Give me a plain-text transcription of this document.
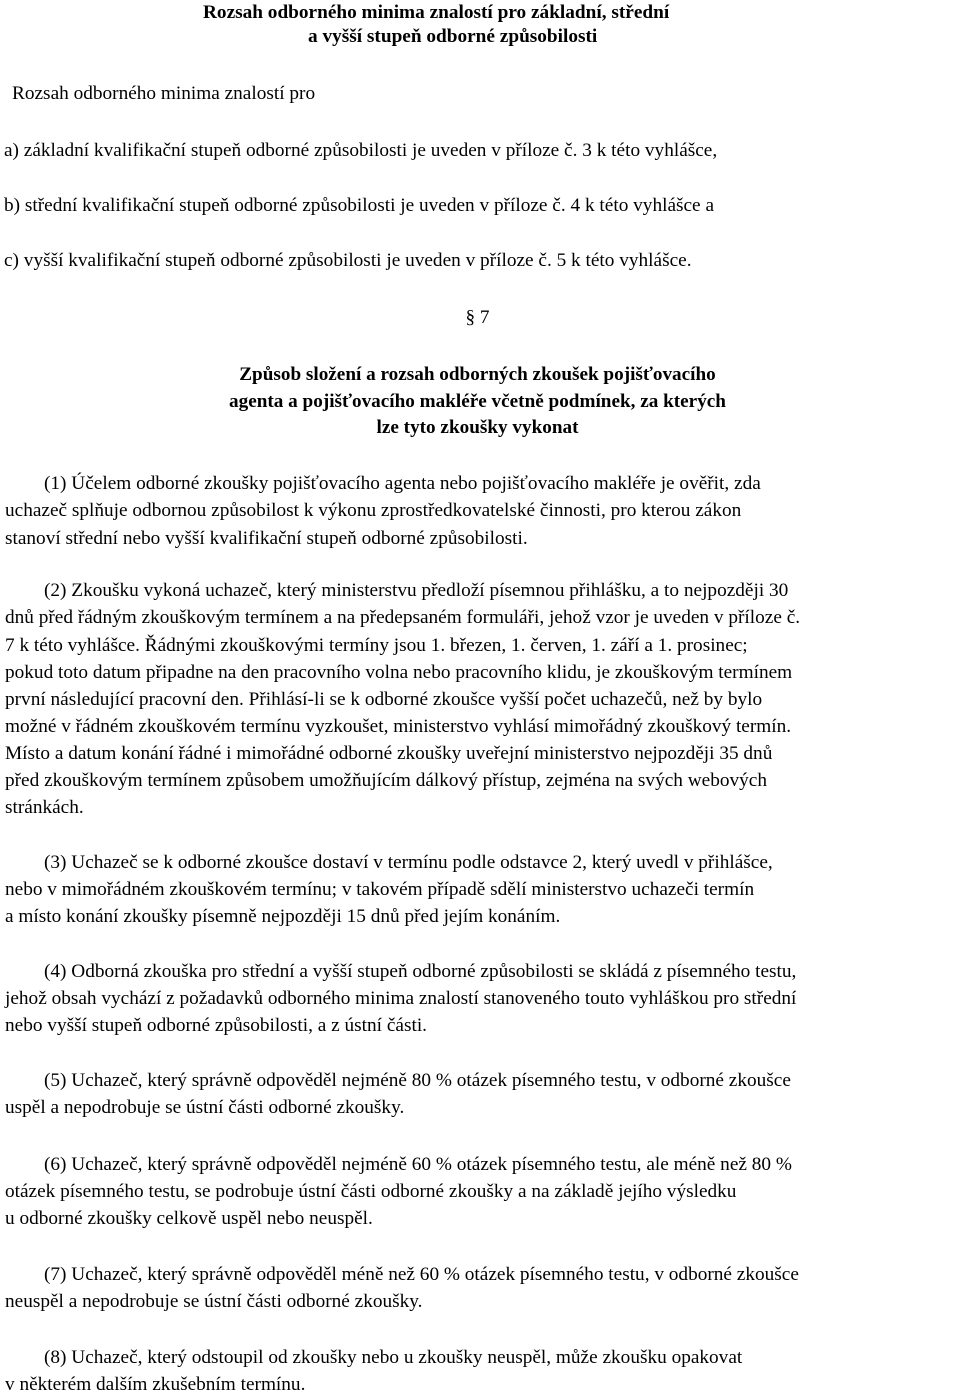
Rozsah odborného minima znalostí pro základní, střední
a vyšší stupeň odborné způsobilosti
Rozsah odborného minima znalostí pro
a) základní kvalifikační stupeň odborné způsobilosti je uveden v příloze č. 3 k této vyhlášce,
b) střední kvalifikační stupeň odborné způsobilosti je uveden v příloze č. 4 k této vyhlášce a
c) vyšší kvalifikační stupeň odborné způsobilosti je uveden v příloze č. 5 k této vyhlášce.
§ 7
Způsob složení a rozsah odborných zkoušek pojišťovacího
agenta a pojišťovacího makléře včetně podmínek, za kterých
lze tyto zkoušky vykonat
(1) Účelem odborné zkoušky pojišťovacího agenta nebo pojišťovacího makléře je ověřit, zda
uchazeč splňuje odbornou způsobilost k výkonu zprostředkovatelské činnosti, pro kterou zákon
stanoví střední nebo vyšší kvalifikační stupeň odborné způsobilosti.
(2) Zkoušku vykoná uchazeč, který ministerstvu předloží písemnou přihlášku, a to nejpozději 30
dnů před řádným zkouškovým termínem a na předepsaném formuláři, jehož vzor je uveden v příloze č.
7 k této vyhlášce. Řádnými zkouškovými termíny jsou 1. březen, 1. červen, 1. září a 1. prosinec;
pokud toto datum připadne na den pracovního volna nebo pracovního klidu, je zkouškovým termínem
první následující pracovní den. Přihlásí-li se k odborné zkoušce vyšší počet uchazečů, než by bylo
možné v řádném zkouškovém termínu vyzkoušet, ministerstvo vyhlásí mimořádný zkouškový termín.
Místo a datum konání řádné i mimořádné odborné zkoušky uveřejní ministerstvo nejpozději 35 dnů
před zkouškovým termínem způsobem umožňujícím dálkový přístup, zejména na svých webových
stránkách.
(3) Uchazeč se k odborné zkoušce dostaví v termínu podle odstavce 2, který uvedl v přihlášce,
nebo v mimořádném zkouškovém termínu; v takovém případě sdělí ministerstvo uchazeči termín
a místo konání zkoušky písemně nejpozději 15 dnů před jejím konáním.
(4) Odborná zkouška pro střední a vyšší stupeň odborné způsobilosti se skládá z písemného testu,
jehož obsah vychází z požadavků odborného minima znalostí stanoveného touto vyhláškou pro střední
nebo vyšší stupeň odborné způsobilosti, a z ústní části.
(5) Uchazeč, který správně odpověděl nejméně 80 % otázek písemného testu, v odborné zkoušce
uspěl a nepodrobuje se ústní části odborné zkoušky.
(6) Uchazeč, který správně odpověděl nejméně 60 % otázek písemného testu, ale méně než 80 %
otázek písemného testu, se podrobuje ústní části odborné zkoušky a na základě jejího výsledku
u odborné zkoušky celkově uspěl nebo neuspěl.
(7) Uchazeč, který správně odpověděl méně než 60 % otázek písemného testu, v odborné zkoušce
neuspěl a nepodrobuje se ústní části odborné zkoušky.
(8) Uchazeč, který odstoupil od zkoušky nebo u zkoušky neuspěl, může zkoušku opakovat
v některém dalším zkušebním termínu.
